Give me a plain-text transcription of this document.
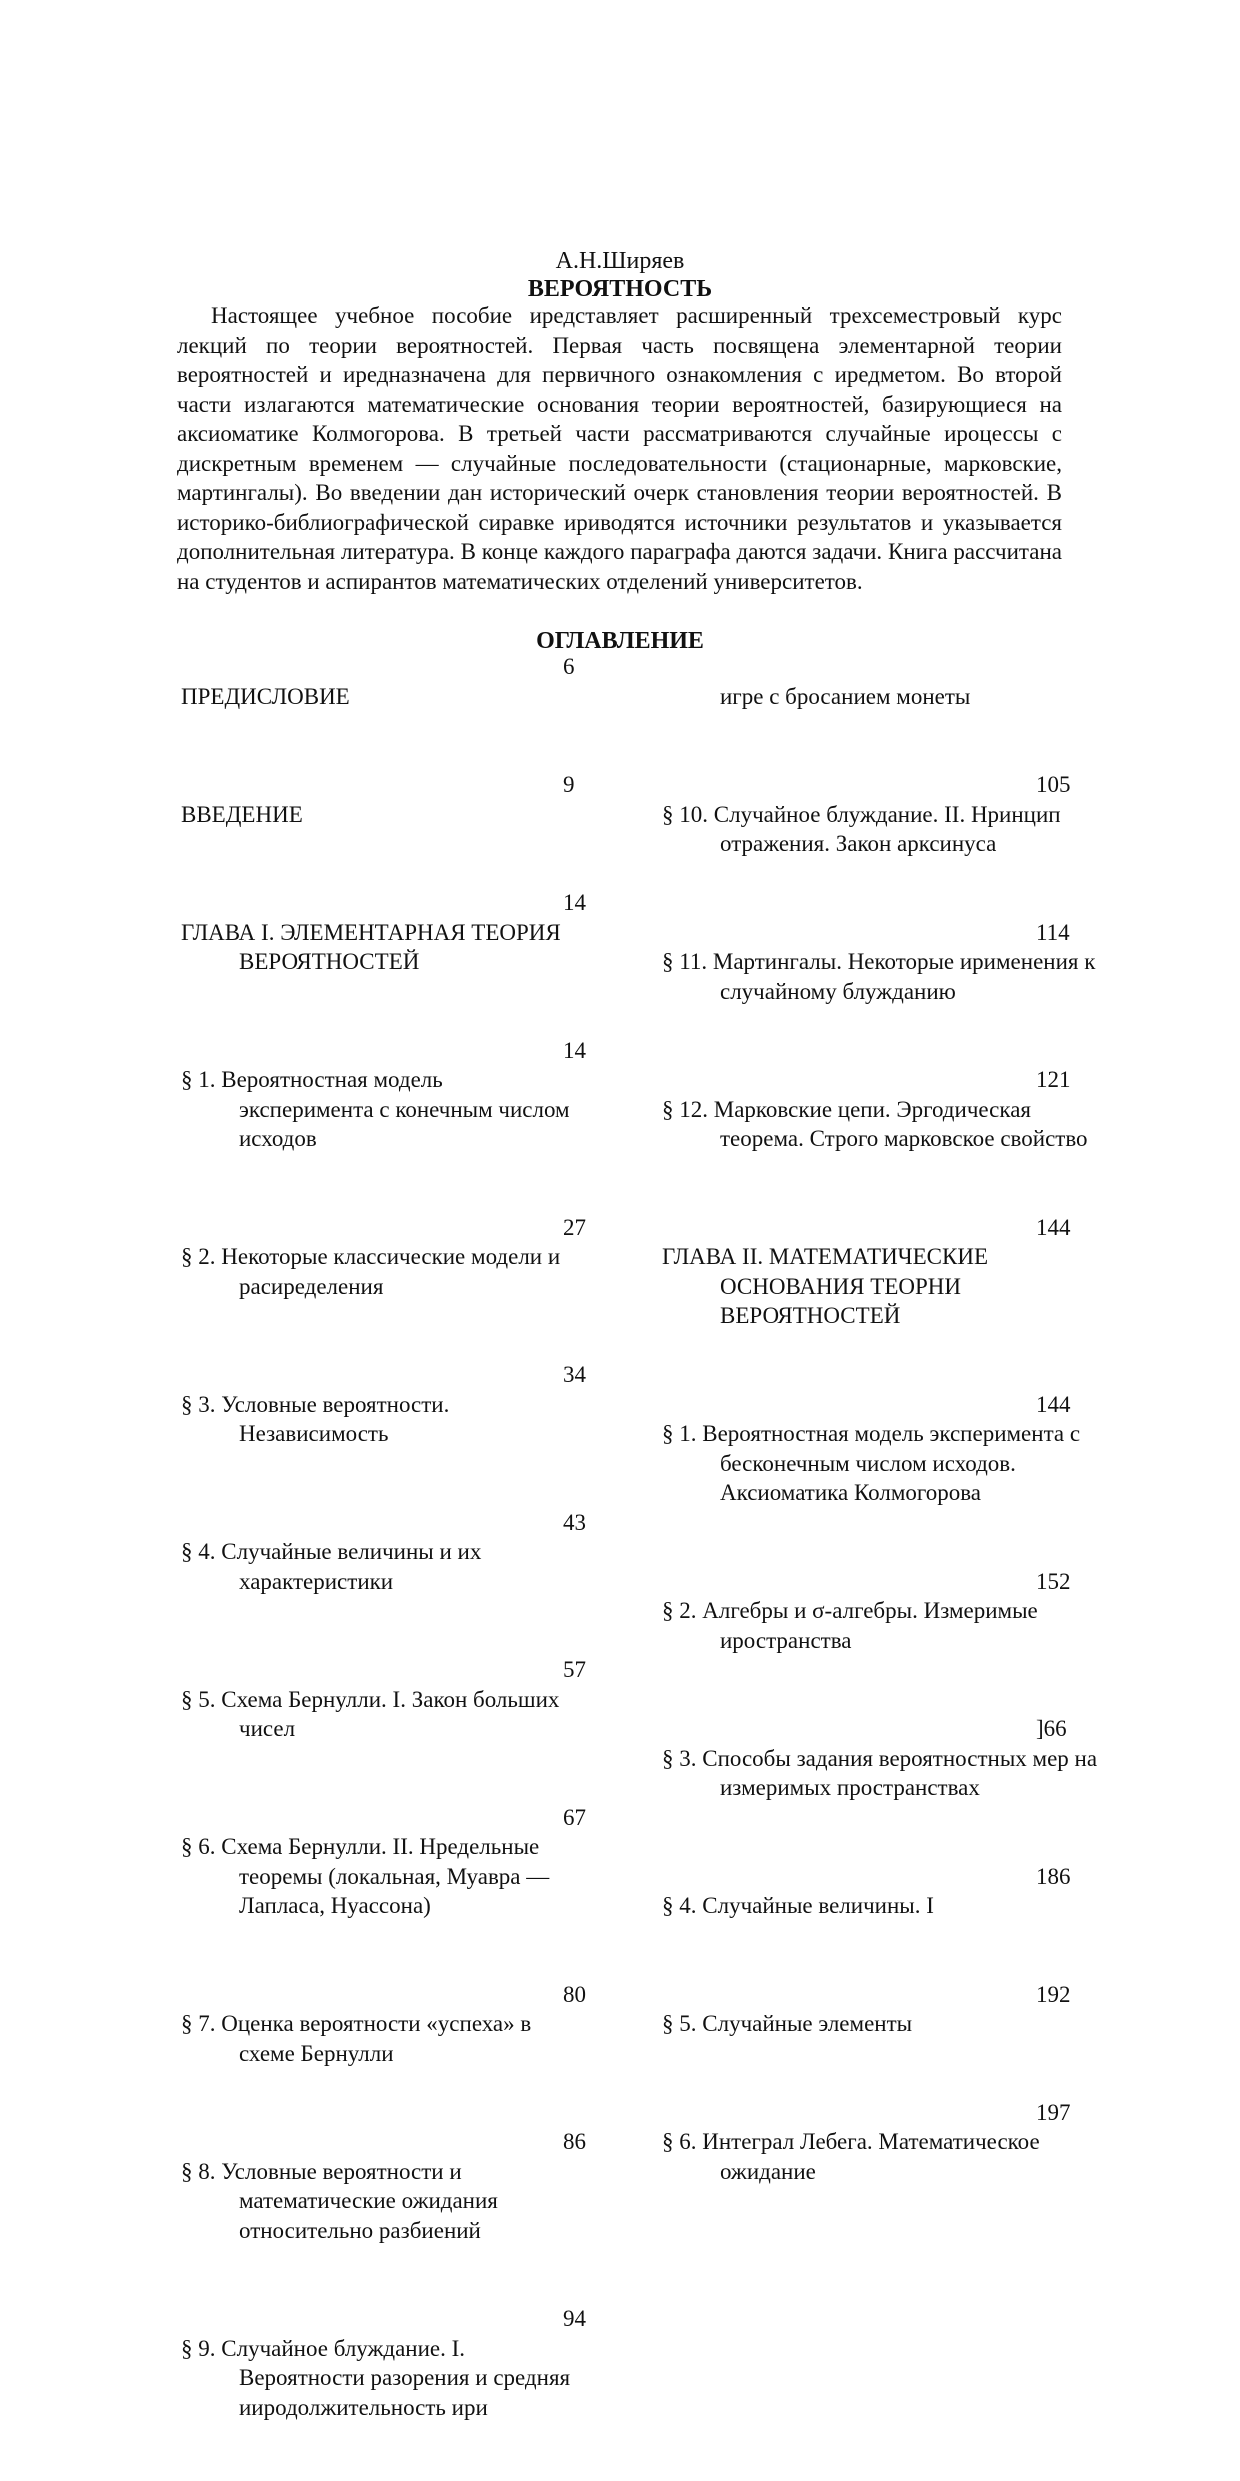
А.Н.Ширяев
ВЕРОЯТНОСТЬ

Настоящее учебное пособие иредставляет расширенный трехсеместровый курс лекций по теории вероятностей. Первая часть посвящена элементарной теории вероятностей и иредназначена для первичного ознакомления с иредметом. Во второй части излагаются математические основания теории вероятностей, базирующиеся на аксиоматике Колмогорова. В третьей части рассматриваются случайные ироцессы с дискретным временем — случайные последовательности (стационарные, марковские, мартингалы). Во введении дан исторический очерк становления теории вероятностей. В историко-библиографической сиравке ириводятся источники результатов и указывается дополнительная литература. В конце каждого параграфа даются задачи. Книга рассчитана на студентов и аспирантов математических отделений университетов.

ОГЛАВЛЕНИЕ

ПРЕДИСЛОВИЕ

6

ВВЕДЕНИЕ

9

ГЛАВА I. ЭЛЕМЕНТАРНАЯ ТЕОРИЯ ВЕРОЯТНОСТЕЙ

14

§ 1. Вероятностная модель эксперимента с конечным числом исходов

14

§ 2. Некоторые классические модели и расиределения

27

§ 3. Условные вероятности. Независимость

34

§ 4. Случайные величины и их характеристики

43

§ 5. Схема Бернулли. I. Закон больших чисел

57

§ 6. Схема Бернулли. II. Нредельные теоремы (локальная, Муавра — Лапласа, Нуассона)

67

§ 7. Оценка вероятности «успеха» в схеме Бернулли

80

§ 8. Условные вероятности и математические ожидания относительно разбиений

86

§ 9. Случайное блуждание. I. Вероятности разорения и средняя ииродолжительность ири

94

игре с бросанием монеты

§ 10. Случайное блуждание. II. Нринцип отражения. Закон арксинуса

105

§ 11. Мартингалы. Некоторые ирименения к случайному блужданию

114

§ 12. Марковские цепи. Эргодическая теорема. Строго марковское свойство

121

ГЛАВА II. МАТЕМАТИЧЕСКИЕ ОСНОВАНИЯ ТЕОРНИ ВЕРОЯТНОСТЕЙ

144

§ 1. Вероятностная модель эксперимента с бесконечным числом исходов. Аксиоматика Колмогорова

144

§ 2. Алгебры и σ-алгебры. Измеримые иространства

152

§ 3. Способы задания вероятностных мер на измеримых пространствах

]66

§ 4. Случайные величины. I

186

§ 5. Случайные элементы

192

§ 6. Интеграл Лебега. Математическое ожидание

197
